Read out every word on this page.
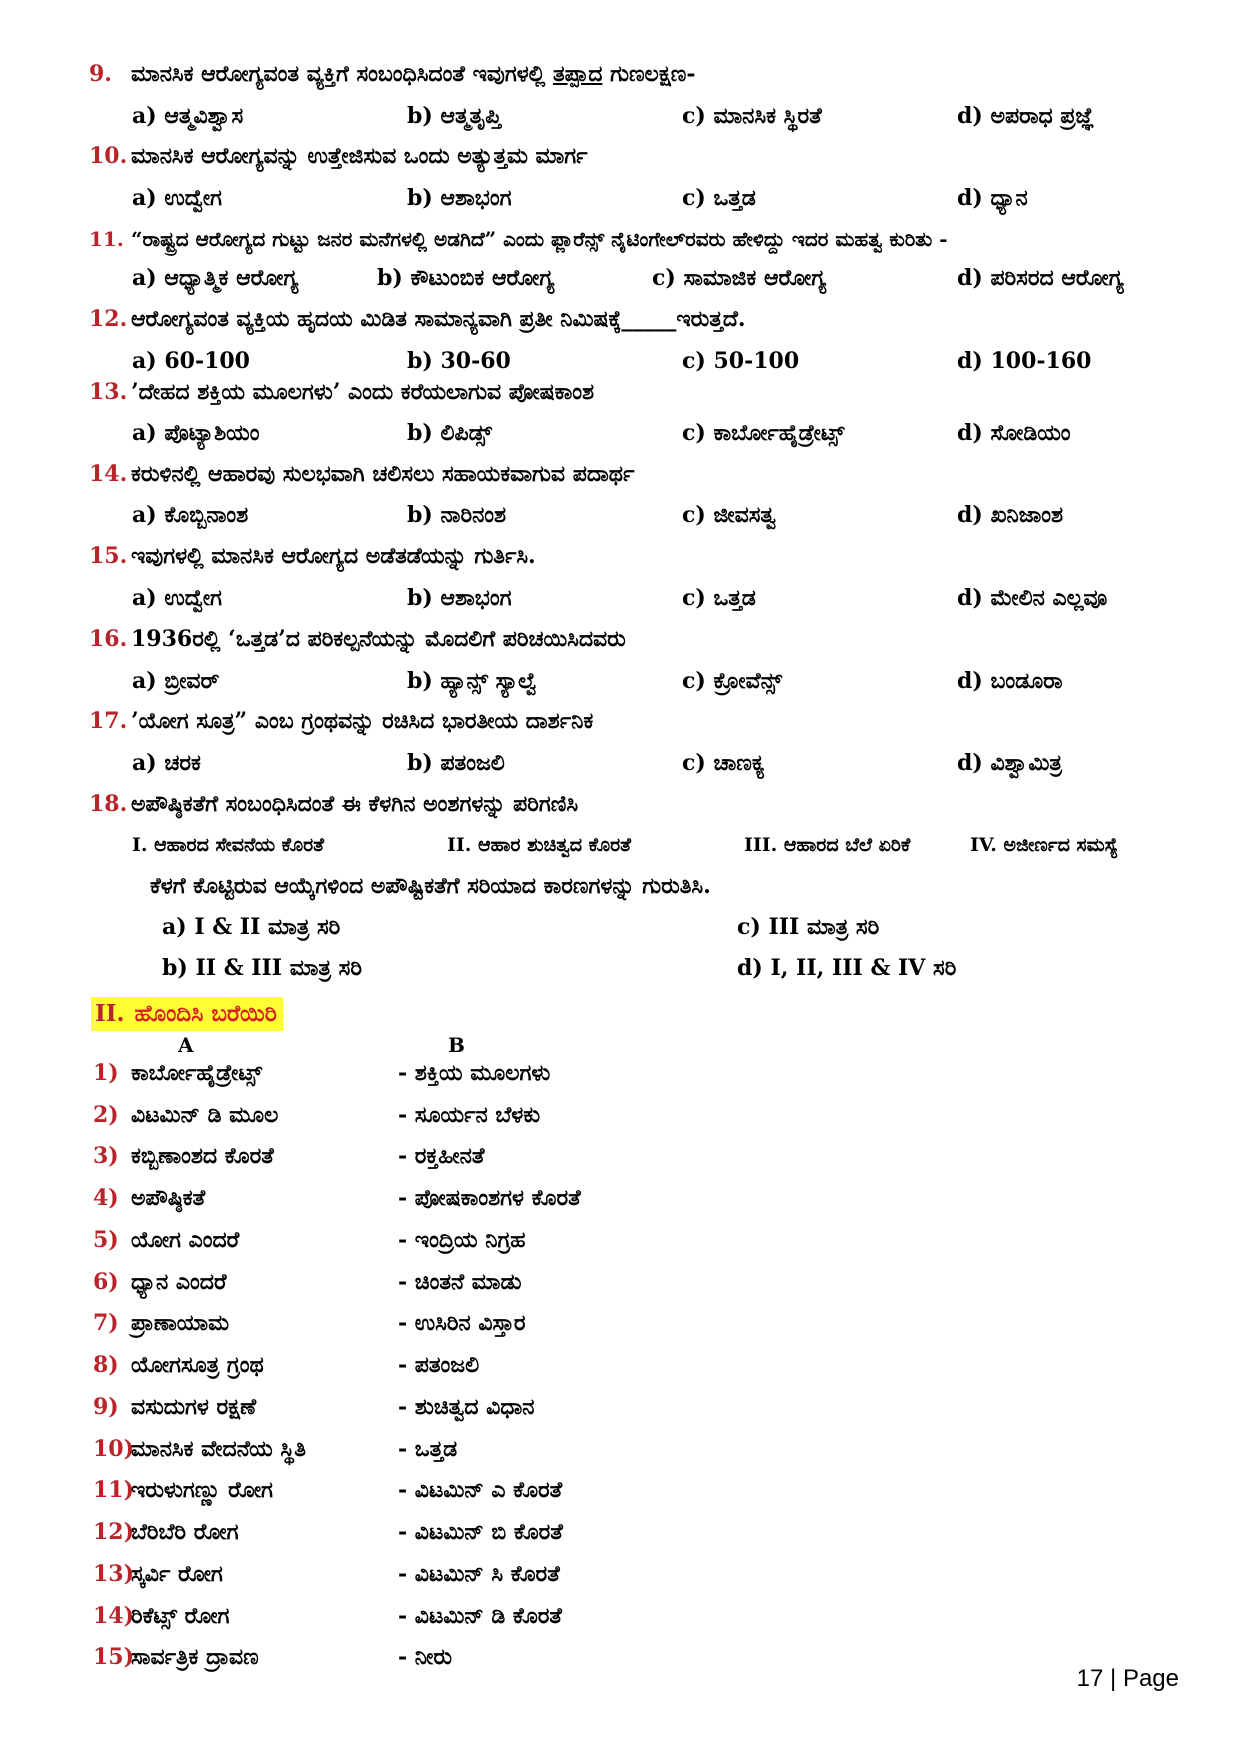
9. ಮಾನಸಿಕ ಆರೋಗ್ಯವಂತ ವ್ಯಕ್ತಿಗೆ ಸಂಬಂಧಿಸಿದಂತೆ ಇವುಗಳಲ್ಲಿ ತಪ್ಪಾದ ಗುಣಲಕ್ಷಣ-
a) ಆತ್ಮವಿಶ್ವಾಸ	b) ಆತ್ಮತೃಪ್ತಿ	c) ಮಾನಸಿಕ ಸ್ಥಿರತೆ	d) ಅಪರಾಧ ಪ್ರಜ್ಞೆ
10. ಮಾನಸಿಕ ಆರೋಗ್ಯವನ್ನು ಉತ್ತೇಜಿಸುವ ಒಂದು ಅತ್ಯುತ್ತಮ ಮಾರ್ಗ
a) ಉದ್ವೇಗ	b) ಆಶಾಭಂಗ	c) ಒತ್ತಡ	d) ಧ್ಯಾನ
11. “ರಾಷ್ಟ್ರದ ಆರೋಗ್ಯದ ಗುಟ್ಟು ಜನರ ಮನೆಗಳಲ್ಲಿ ಅಡಗಿದೆ” ಎಂದು ಫ್ಲಾರೆನ್ಸ್ ನೈಟಿಂಗೇಲ್‌ರವರು ಹೇಳಿದ್ದು ಇದರ ಮಹತ್ವ ಕುರಿತು -
a) ಆಧ್ಯಾತ್ಮಿಕ ಆರೋಗ್ಯ	b) ಕೌಟುಂಬಿಕ ಆರೋಗ್ಯ	c) ಸಾಮಾಜಿಕ ಆರೋಗ್ಯ	d) ಪರಿಸರದ ಆರೋಗ್ಯ
12. ಆರೋಗ್ಯವಂತ ವ್ಯಕ್ತಿಯ ಹೃದಯ ಮಿಡಿತ ಸಾಮಾನ್ಯವಾಗಿ ಪ್ರತೀ ನಿಮಿಷಕ್ಕೆ_____ಇರುತ್ತದೆ.
a) 60-100	b) 30-60	c) 50-100	d) 100-160
13. ’ದೇಹದ ಶಕ್ತಿಯ ಮೂಲಗಳು’ ಎಂದು ಕರೆಯಲಾಗುವ ಪೋಷಕಾಂಶ
a) ಪೊಟ್ಯಾಶಿಯಂ	b) ಲಿಪಿಡ್ಸ್	c) ಕಾರ್ಬೋಹೈಡ್ರೇಟ್ಸ್	d) ಸೋಡಿಯಂ
14. ಕರುಳಿನಲ್ಲಿ ಆಹಾರವು ಸುಲಭವಾಗಿ ಚಲಿಸಲು ಸಹಾಯಕವಾಗುವ ಪದಾರ್ಥ
a) ಕೊಬ್ಬಿನಾಂಶ	b) ನಾರಿನಂಶ	c) ಜೀವಸತ್ವ	d) ಖನಿಜಾಂಶ
15. ಇವುಗಳಲ್ಲಿ ಮಾನಸಿಕ ಆರೋಗ್ಯದ ಅಡೆತಡೆಯನ್ನು ಗುರ್ತಿಸಿ.
a) ಉದ್ವೇಗ	b) ಆಶಾಭಂಗ	c) ಒತ್ತಡ	d) ಮೇಲಿನ ಎಲ್ಲವೂ
16. 1936ರಲ್ಲಿ ‘ಒತ್ತಡ’ದ ಪರಿಕಲ್ಪನೆಯನ್ನು ಮೊದಲಿಗೆ ಪರಿಚಯಿಸಿದವರು
a) ಬ್ರೀವರ್	b) ಹ್ಯಾನ್ಸ್ ಸ್ಯಾಲ್ವೆ	c) ಕ್ರೋವೆನ್ಸ್	d) ಬಂಡೂರಾ
17. ’ಯೋಗ ಸೂತ್ರ” ಎಂಬ ಗ್ರಂಥವನ್ನು ರಚಿಸಿದ ಭಾರತೀಯ ದಾರ್ಶನಿಕ
a) ಚರಕ	b) ಪತಂಜಲಿ	c) ಚಾಣಕ್ಯ	d) ವಿಶ್ವಾಮಿತ್ರ
18. ಅಪೌಷ್ಠಿಕತೆಗೆ ಸಂಬಂಧಿಸಿದಂತೆ ಈ ಕೆಳಗಿನ ಅಂಶಗಳನ್ನು ಪರಿಗಣಿಸಿ
I. ಆಹಾರದ ಸೇವನೆಯ ಕೊರತೆ	II. ಆಹಾರ ಶುಚಿತ್ವದ ಕೊರತೆ	III. ಆಹಾರದ ಬೆಲೆ ಏರಿಕೆ	IV. ಅಜೀರ್ಣದ ಸಮಸ್ಯೆ
ಕೆಳಗೆ ಕೊಟ್ಟಿರುವ ಆಯ್ಕೆಗಳಿಂದ ಅಪೌಷ್ಟಿಕತೆಗೆ ಸರಿಯಾದ ಕಾರಣಗಳನ್ನು ಗುರುತಿಸಿ.
a) I & II ಮಾತ್ರ ಸರಿ	c) III ಮಾತ್ರ ಸರಿ
b) II & III ಮಾತ್ರ ಸರಿ	d) I, II, III & IV ಸರಿ
II. ಹೊಂದಿಸಿ ಬರೆಯಿರಿ
A	B
1) ಕಾರ್ಬೋಹೈಡ್ರೇಟ್ಸ್	- ಶಕ್ತಿಯ ಮೂಲಗಳು
2) ವಿಟಮಿನ್ ಡಿ ಮೂಲ	- ಸೂರ್ಯನ ಬೆಳಕು
3) ಕಬ್ಬಿಣಾಂಶದ ಕೊರತೆ	- ರಕ್ತಹೀನತೆ
4) ಅಪೌಷ್ಠಿಕತೆ	- ಪೋಷಕಾಂಶಗಳ ಕೊರತೆ
5) ಯೋಗ ಎಂದರೆ	- ಇಂದ್ರಿಯ ನಿಗ್ರಹ
6) ಧ್ಯಾನ ಎಂದರೆ	- ಚಿಂತನೆ ಮಾಡು
7) ಪ್ರಾಣಾಯಾಮ	- ಉಸಿರಿನ ವಿಸ್ತಾರ
8) ಯೋಗಸೂತ್ರ ಗ್ರಂಥ	- ಪತಂಜಲಿ
9) ವಸುದುಗಳ ರಕ್ಷಣೆ	- ಶುಚಿತ್ವದ ವಿಧಾನ
10)ಮಾನಸಿಕ ವೇದನೆಯ ಸ್ಥಿತಿ	- ಒತ್ತಡ
11)ಇರುಳುಗಣ್ಣು ರೋಗ	- ವಿಟಮಿನ್ ಎ ಕೊರತೆ
12)ಬೆರಿಬೆರಿ ರೋಗ	- ವಿಟಮಿನ್ ಬಿ ಕೊರತೆ
13)ಸ್ಕರ್ವಿ ರೋಗ	- ವಿಟಮಿನ್ ಸಿ ಕೊರತೆ
14)ರಿಕೆಟ್ಸ್ ರೋಗ	- ವಿಟಮಿನ್ ಡಿ ಕೊರತೆ
15)ಸಾರ್ವತ್ರಿಕ ದ್ರಾವಣ	- ನೀರು
17 | Page
